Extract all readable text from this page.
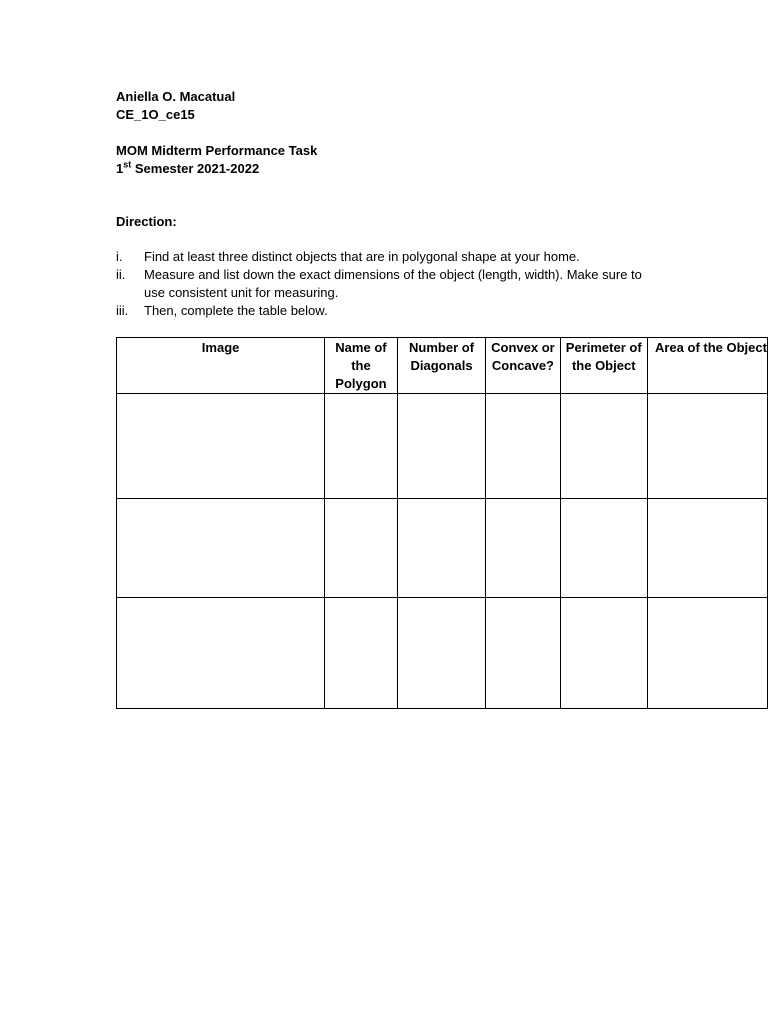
Aniella O. Macatual
CE_1O_ce15
MOM Midterm Performance Task
1st Semester 2021-2022
Direction:
i. Find at least three distinct objects that are in polygonal shape at your home.
ii. Measure and list down the exact dimensions of the object (length, width). Make sure to use consistent unit for measuring.
iii. Then, complete the table below.
Image	Name of the Polygon	Number of Diagonals	Convex or Concave?	Perimeter of the Object	Area of the Object
